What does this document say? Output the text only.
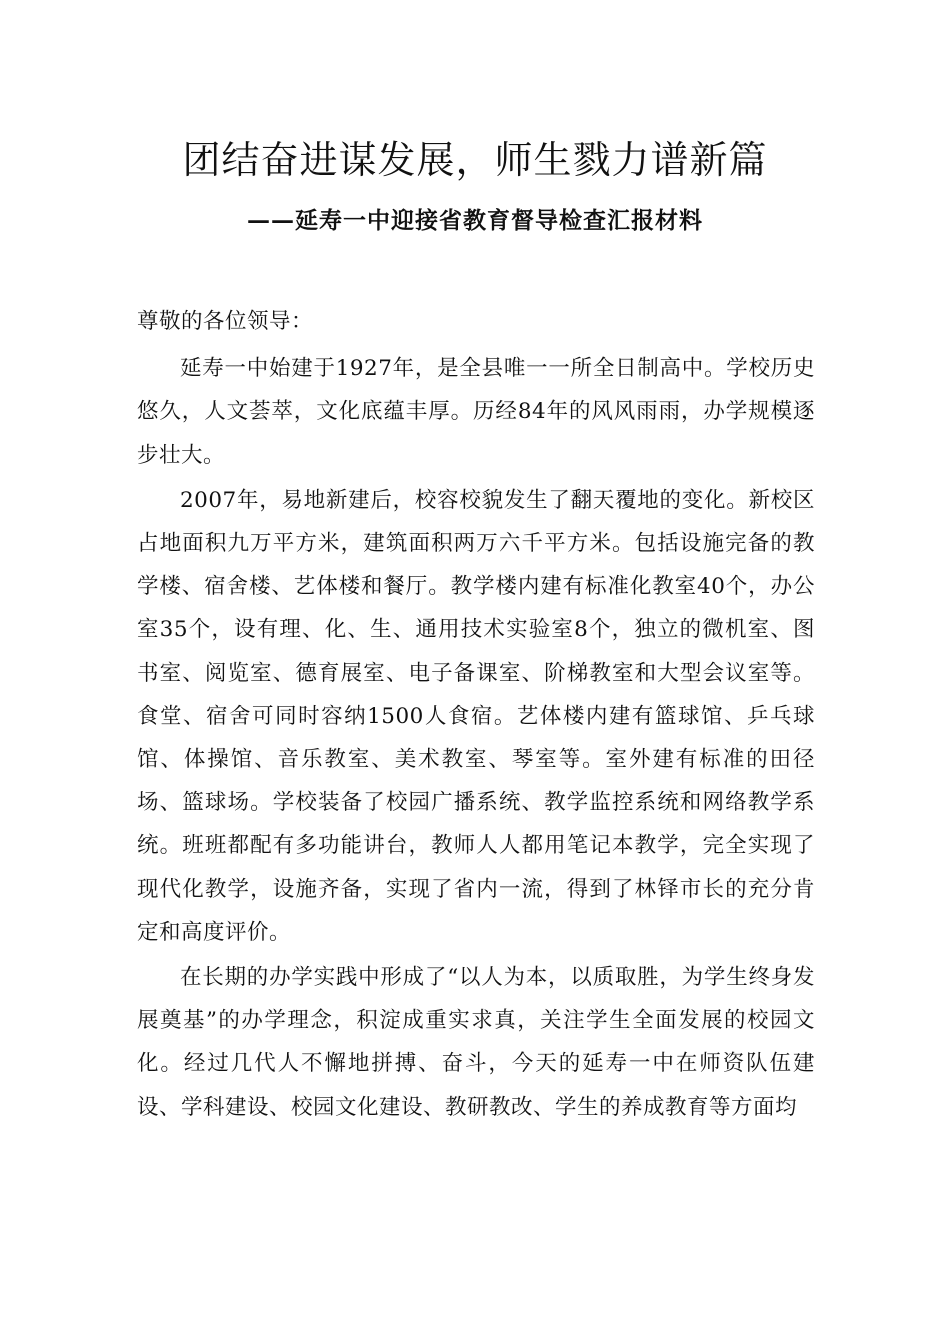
团结奋进谋发展，师生戮力谱新篇
——延寿一中迎接省教育督导检查汇报材料

尊敬的各位领导：

延寿一中始建于1927年，是全县唯一一所全日制高中。学校历史悠久，人文荟萃，文化底蕴丰厚。历经84年的风风雨雨，办学规模逐步壮大。

2007年，易地新建后，校容校貌发生了翻天覆地的变化。新校区占地面积九万平方米，建筑面积两万六千平方米。包括设施完备的教学楼、宿舍楼、艺体楼和餐厅。教学楼内建有标准化教室40个，办公室35个，设有理、化、生、通用技术实验室8个，独立的微机室、图书室、阅览室、德育展室、电子备课室、阶梯教室和大型会议室等。食堂、宿舍可同时容纳1500人食宿。艺体楼内建有篮球馆、乒乓球馆、体操馆、音乐教室、美术教室、琴室等。室外建有标准的田径场、篮球场。学校装备了校园广播系统、教学监控系统和网络教学系统。班班都配有多功能讲台，教师人人都用笔记本教学，完全实现了现代化教学，设施齐备，实现了省内一流，得到了林铎市长的充分肯定和高度评价。

在长期的办学实践中形成了“以人为本，以质取胜，为学生终身发展奠基”的办学理念，积淀成重实求真，关注学生全面发展的校园文化。经过几代人不懈地拼搏、奋斗，今天的延寿一中在师资队伍建设、学科建设、校园文化建设、教研教改、学生的养成教育等方面均
